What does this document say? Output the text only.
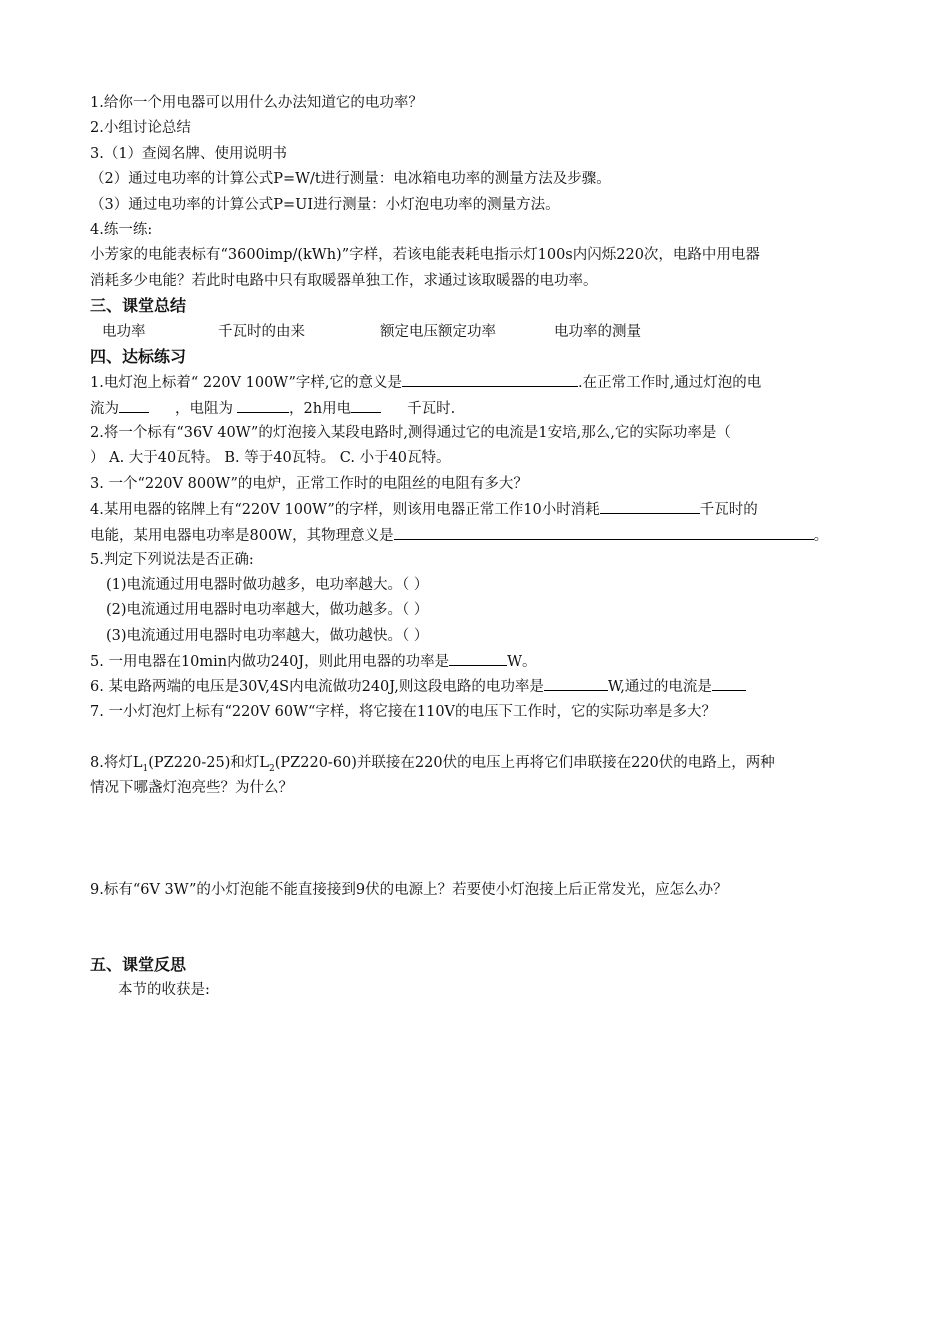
1.给你一个用电器可以用什么办法知道它的电功率？
2.小组讨论总结
3.（1）查阅名牌、使用说明书
（2）通过电功率的计算公式P=W/t进行测量：电冰箱电功率的测量方法及步骤。
（3）通过电功率的计算公式P=UI进行测量：小灯泡电功率的测量方法。
4.练一练:
小芳家的电能表标有“3600imp/(kWh)”字样，若该电能表耗电指示灯100s内闪烁220次，电路中用电器
消耗多少电能？若此时电路中只有取暖器单独工作，求通过该取暖器的电功率。
三、课堂总结
电功率	千瓦时的由来	额定电压额定功率	电功率的测量
四、达标练习
1.电灯泡上标着“ 220V 100W”字样,它的意义是	.在正常工作时,通过灯泡的电
流为	，电阻为	，2h用电	千瓦时.
2.将一个标有“36V 40W”的灯泡接入某段电路时,测得通过它的电流是1安培,那么,它的实际功率是（
） A. 大于40瓦特。 B. 等于40瓦特。 C. 小于40瓦特。
3. 一个“220V 800W”的电炉，正常工作时的电阻丝的电阻有多大？
4.某用电器的铭牌上有“220V 100W”的字样，则该用电器正常工作10小时消耗	千瓦时的
电能，某用电器电功率是800W，其物理意义是	。
5.判定下列说法是否正确:
(1)电流通过用电器时做功越多，电功率越大。（ ）
(2)电流通过用电器时电功率越大，做功越多。（ ）
(3)电流通过用电器时电功率越大，做功越快。（ ）
5. 一用电器在10min内做功240J，则此用电器的功率是	W。
6. 某电路两端的电压是30V,4S内电流做功240J,则这段电路的电功率是	W,通过的电流是
7. 一小灯泡灯上标有“220V 60W“字样，将它接在110V的电压下工作时，它的实际功率是多大？
8.将灯$L_1(PZ220-25)$和灯$L_2(PZ220-60)$并联接在220伏的电压上再将它们串联接在220伏的电路上，两种
情况下哪盏灯泡亮些？为什么？
9.标有“6V 3W”的小灯泡能不能直接接到9伏的电源上？若要使小灯泡接上后正常发光，应怎么办？
五、课堂反思
本节的收获是:
